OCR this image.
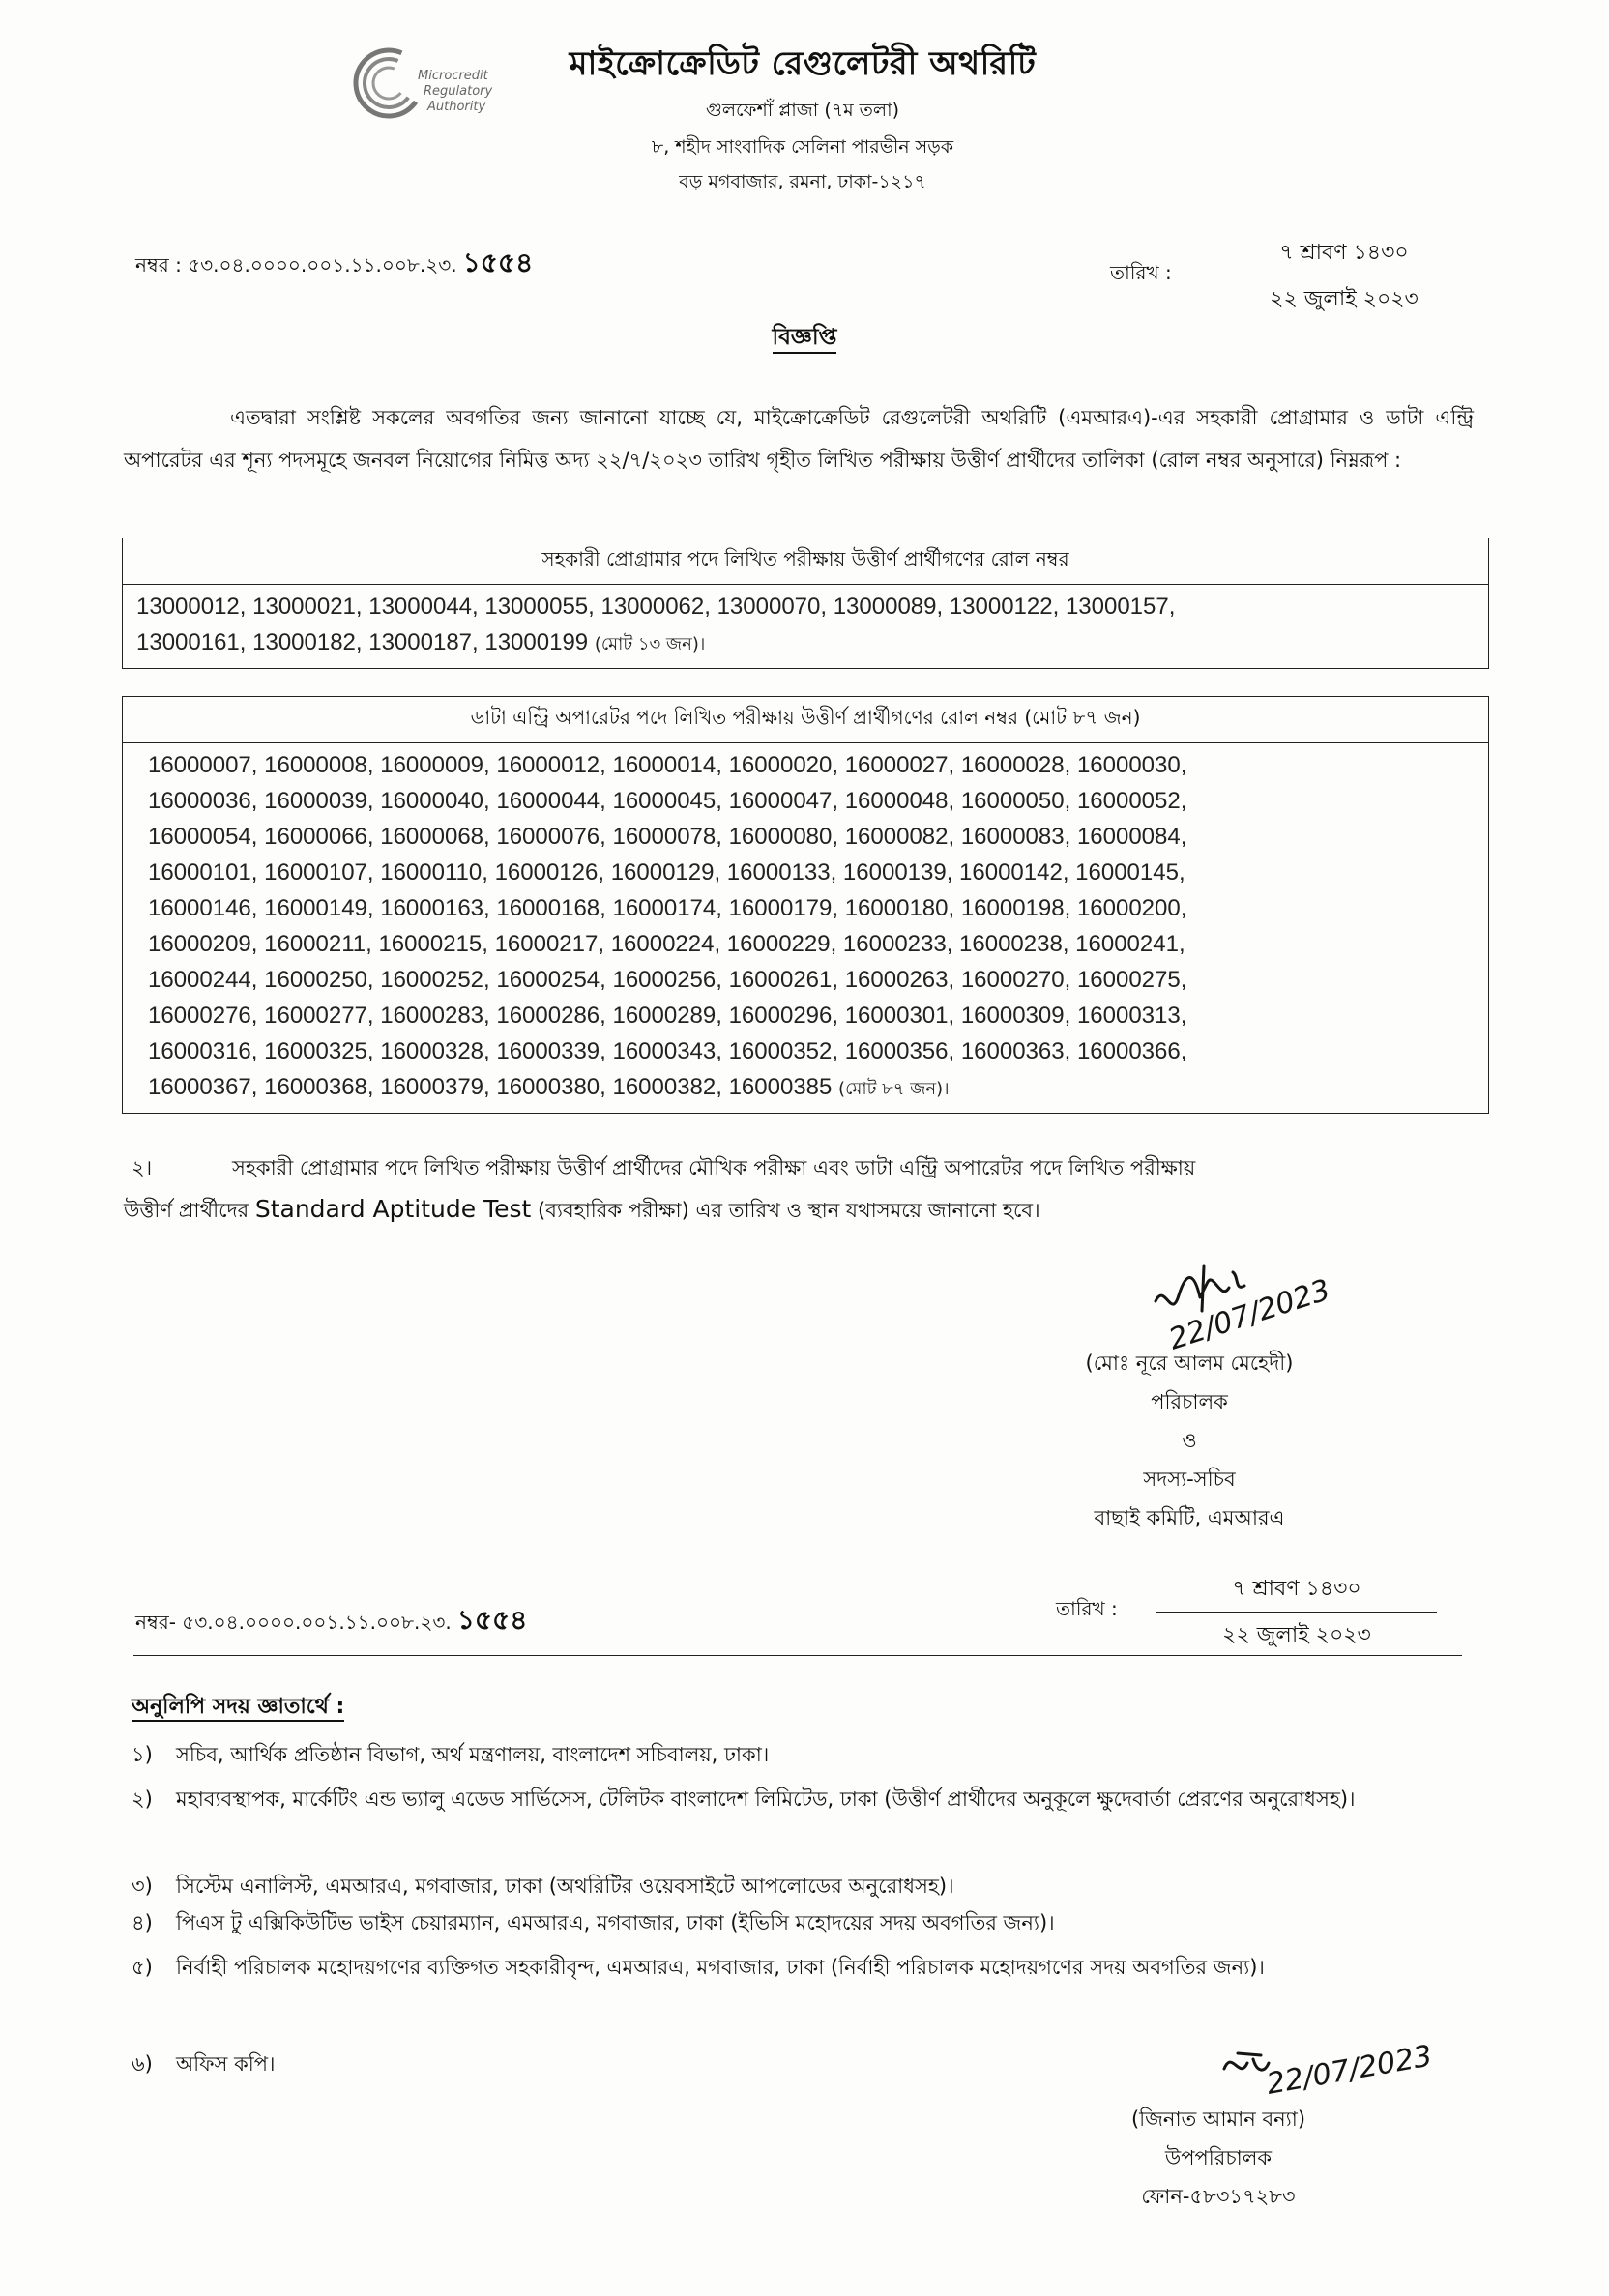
Microcredit
Regulatory
Authority
মাইক্রোক্রেডিট রেগুলেটরী অথরিটি
গুলফেশাঁ প্লাজা (৭ম তলা)
৮, শহীদ সাংবাদিক সেলিনা পারভীন সড়ক
বড় মগবাজার, রমনা, ঢাকা-১২১৭
নম্বর : ৫৩.০৪.০০০০.০০১.১১.০০৮.২৩. ১৫৫৪	তারিখ :
৭ শ্রাবণ ১৪৩০
২২ জুলাই ২০২৩
বিজ্ঞপ্তি
এতদ্বারা সংশ্লিষ্ট সকলের অবগতির জন্য জানানো যাচ্ছে যে, মাইক্রোক্রেডিট রেগুলেটরী অথরিটি (এমআরএ)-এর সহকারী প্রোগ্রামার ও ডাটা এন্ট্রি অপারেটর এর শূন্য পদসমূহে জনবল নিয়োগের নিমিত্ত অদ্য ২২/৭/২০২৩ তারিখ গৃহীত লিখিত পরীক্ষায় উত্তীর্ণ প্রার্থীদের তালিকা (রোল নম্বর অনুসারে) নিম্নরূপ :
সহকারী প্রোগ্রামার পদে লিখিত পরীক্ষায় উত্তীর্ণ প্রার্থীগণের রোল নম্বর
13000012, 13000021, 13000044, 13000055, 13000062, 13000070, 13000089, 13000122, 13000157,
13000161, 13000182, 13000187, 13000199 (মোট ১৩ জন)।
ডাটা এন্ট্রি অপারেটর পদে লিখিত পরীক্ষায় উত্তীর্ণ প্রার্থীগণের রোল নম্বর (মোট ৮৭ জন)
16000007, 16000008, 16000009, 16000012, 16000014, 16000020, 16000027, 16000028, 16000030,
16000036, 16000039, 16000040, 16000044, 16000045, 16000047, 16000048, 16000050, 16000052,
16000054, 16000066, 16000068, 16000076, 16000078, 16000080, 16000082, 16000083, 16000084,
16000101, 16000107, 16000110, 16000126, 16000129, 16000133, 16000139, 16000142, 16000145,
16000146, 16000149, 16000163, 16000168, 16000174, 16000179, 16000180, 16000198, 16000200,
16000209, 16000211, 16000215, 16000217, 16000224, 16000229, 16000233, 16000238, 16000241,
16000244, 16000250, 16000252, 16000254, 16000256, 16000261, 16000263, 16000270, 16000275,
16000276, 16000277, 16000283, 16000286, 16000289, 16000296, 16000301, 16000309, 16000313,
16000316, 16000325, 16000328, 16000339, 16000343, 16000352, 16000356, 16000363, 16000366,
16000367, 16000368, 16000379, 16000380, 16000382, 16000385 (মোট ৮৭ জন)।
২।	সহকারী প্রোগ্রামার পদে লিখিত পরীক্ষায় উত্তীর্ণ প্রার্থীদের মৌখিক পরীক্ষা এবং ডাটা এন্ট্রি অপারেটর পদে লিখিত পরীক্ষায়
উত্তীর্ণ প্রার্থীদের Standard Aptitude Test (ব্যবহারিক পরীক্ষা) এর তারিখ ও স্থান যথাসময়ে জানানো হবে।
22/07/2023
(মোঃ নূরে আলম মেহেদী)
পরিচালক
ও
সদস্য-সচিব
বাছাই কমিটি, এমআরএ
নম্বর- ৫৩.০৪.০০০০.০০১.১১.০০৮.২৩. ১৫৫৪	তারিখ :
৭ শ্রাবণ ১৪৩০
২২ জুলাই ২০২৩
অনুলিপি সদয় জ্ঞাতার্থে :
১)	সচিব, আর্থিক প্রতিষ্ঠান বিভাগ, অর্থ মন্ত্রণালয়, বাংলাদেশ সচিবালয়, ঢাকা।
২)	মহাব্যবস্থাপক, মার্কেটিং এন্ড ভ্যালু এডেড সার্ভিসেস, টেলিটক বাংলাদেশ লিমিটেড, ঢাকা (উত্তীর্ণ প্রার্থীদের অনুকূলে ক্ষুদেবার্তা প্রেরণের অনুরোধসহ)।
৩)	সিস্টেম এনালিস্ট, এমআরএ, মগবাজার, ঢাকা (অথরিটির ওয়েবসাইটে আপলোডের অনুরোধসহ)।
৪)	পিএস টু এক্সিকিউটিভ ভাইস চেয়ারম্যান, এমআরএ, মগবাজার, ঢাকা (ইভিসি মহোদয়ের সদয় অবগতির জন্য)।
৫)	নির্বাহী পরিচালক মহোদয়গণের ব্যক্তিগত সহকারীবৃন্দ, এমআরএ, মগবাজার, ঢাকা (নির্বাহী পরিচালক মহোদয়গণের সদয় অবগতির জন্য)।
৬)	অফিস কপি।	22/07/2023
(জিনাত আমান বন্যা)
উপপরিচালক
ফোন-৫৮৩১৭২৮৩
